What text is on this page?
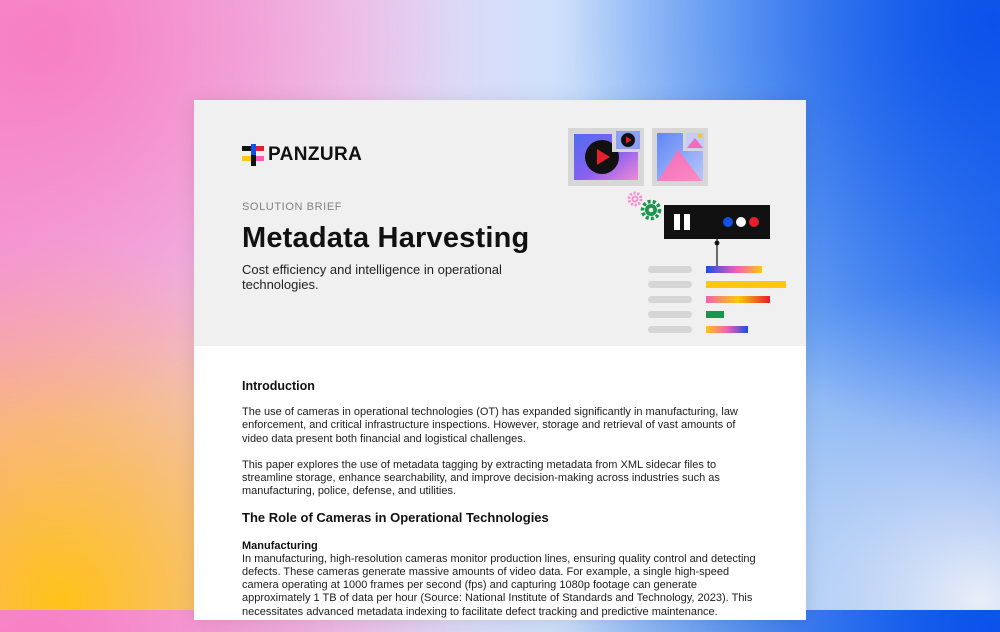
PANZURA
SOLUTION BRIEF
Metadata Harvesting
Cost efficiency and intelligence in operational technologies.
Introduction
The use of cameras in operational technologies (OT) has expanded significantly in manufacturing, law enforcement, and critical infrastructure inspections. However, storage and retrieval of vast amounts of video data present both financial and logistical challenges.
This paper explores the use of metadata tagging by extracting metadata from XML sidecar files to streamline storage, enhance searchability, and improve decision-making across industries such as manufacturing, police, defense, and utilities.
The Role of Cameras in Operational Technologies
Manufacturing
In manufacturing, high-resolution cameras monitor production lines, ensuring quality control and detecting defects. These cameras generate massive amounts of video data. For example, a single high-speed camera operating at 1000 frames per second (fps) and capturing 1080p footage can generate approximately 1 TB of data per hour (Source: National Institute of Standards and Technology, 2023). This necessitates advanced metadata indexing to facilitate defect tracking and predictive maintenance.
